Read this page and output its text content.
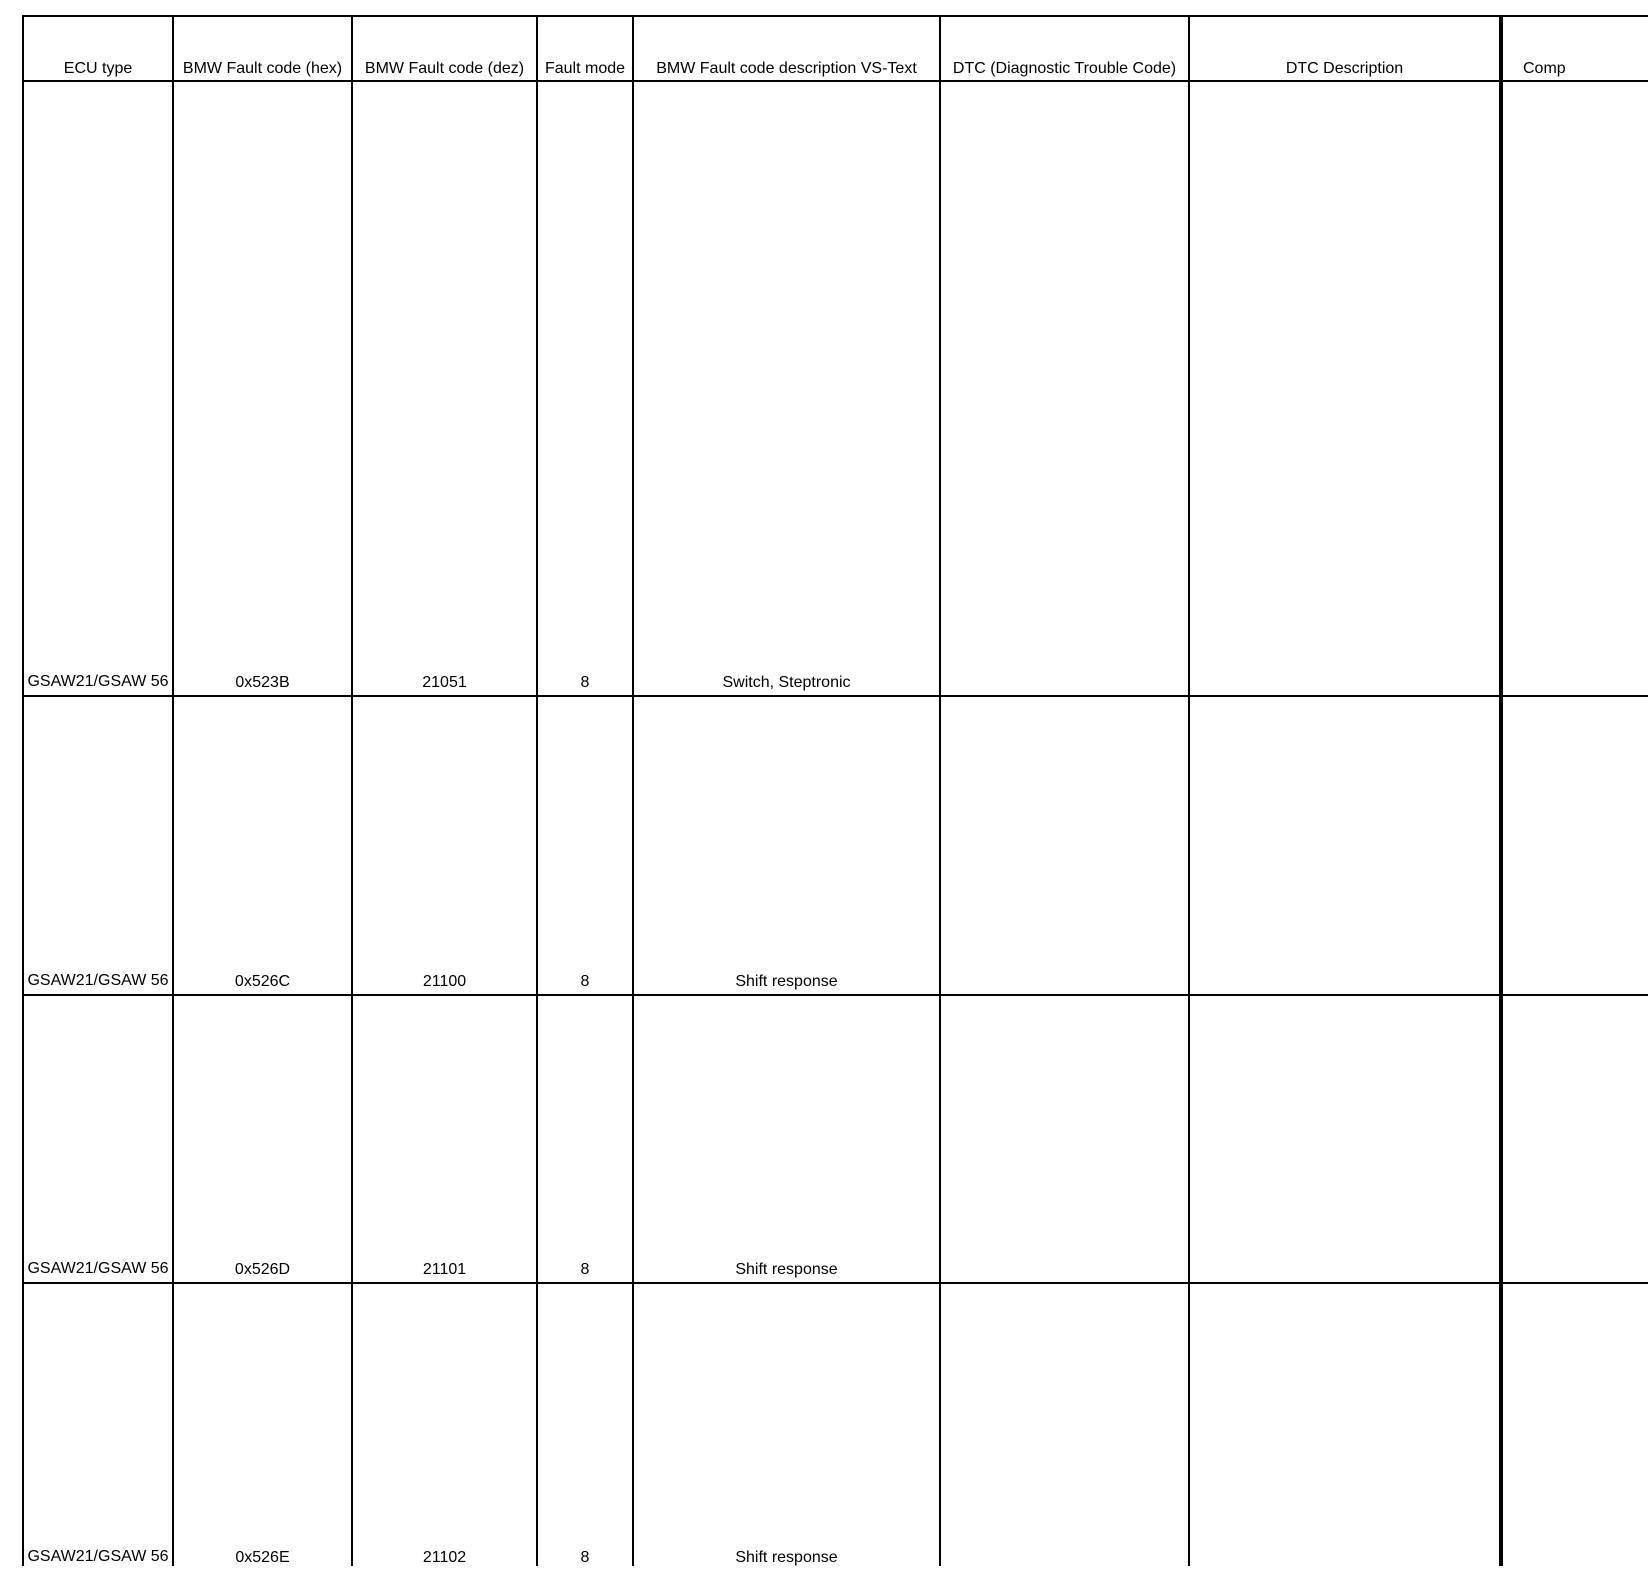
ECU type	BMW Fault code (hex)	BMW Fault code (dez)	Fault mode	BMW Fault code description VS-Text	DTC (Diagnostic Trouble Code)	DTC Description	Comp
GSAW21/GSAW 56	0x523B	21051	8	Switch, Steptronic			
GSAW21/GSAW 56	0x526C	21100	8	Shift response			
GSAW21/GSAW 56	0x526D	21101	8	Shift response			
GSAW21/GSAW 56	0x526E	21102	8	Shift response			
